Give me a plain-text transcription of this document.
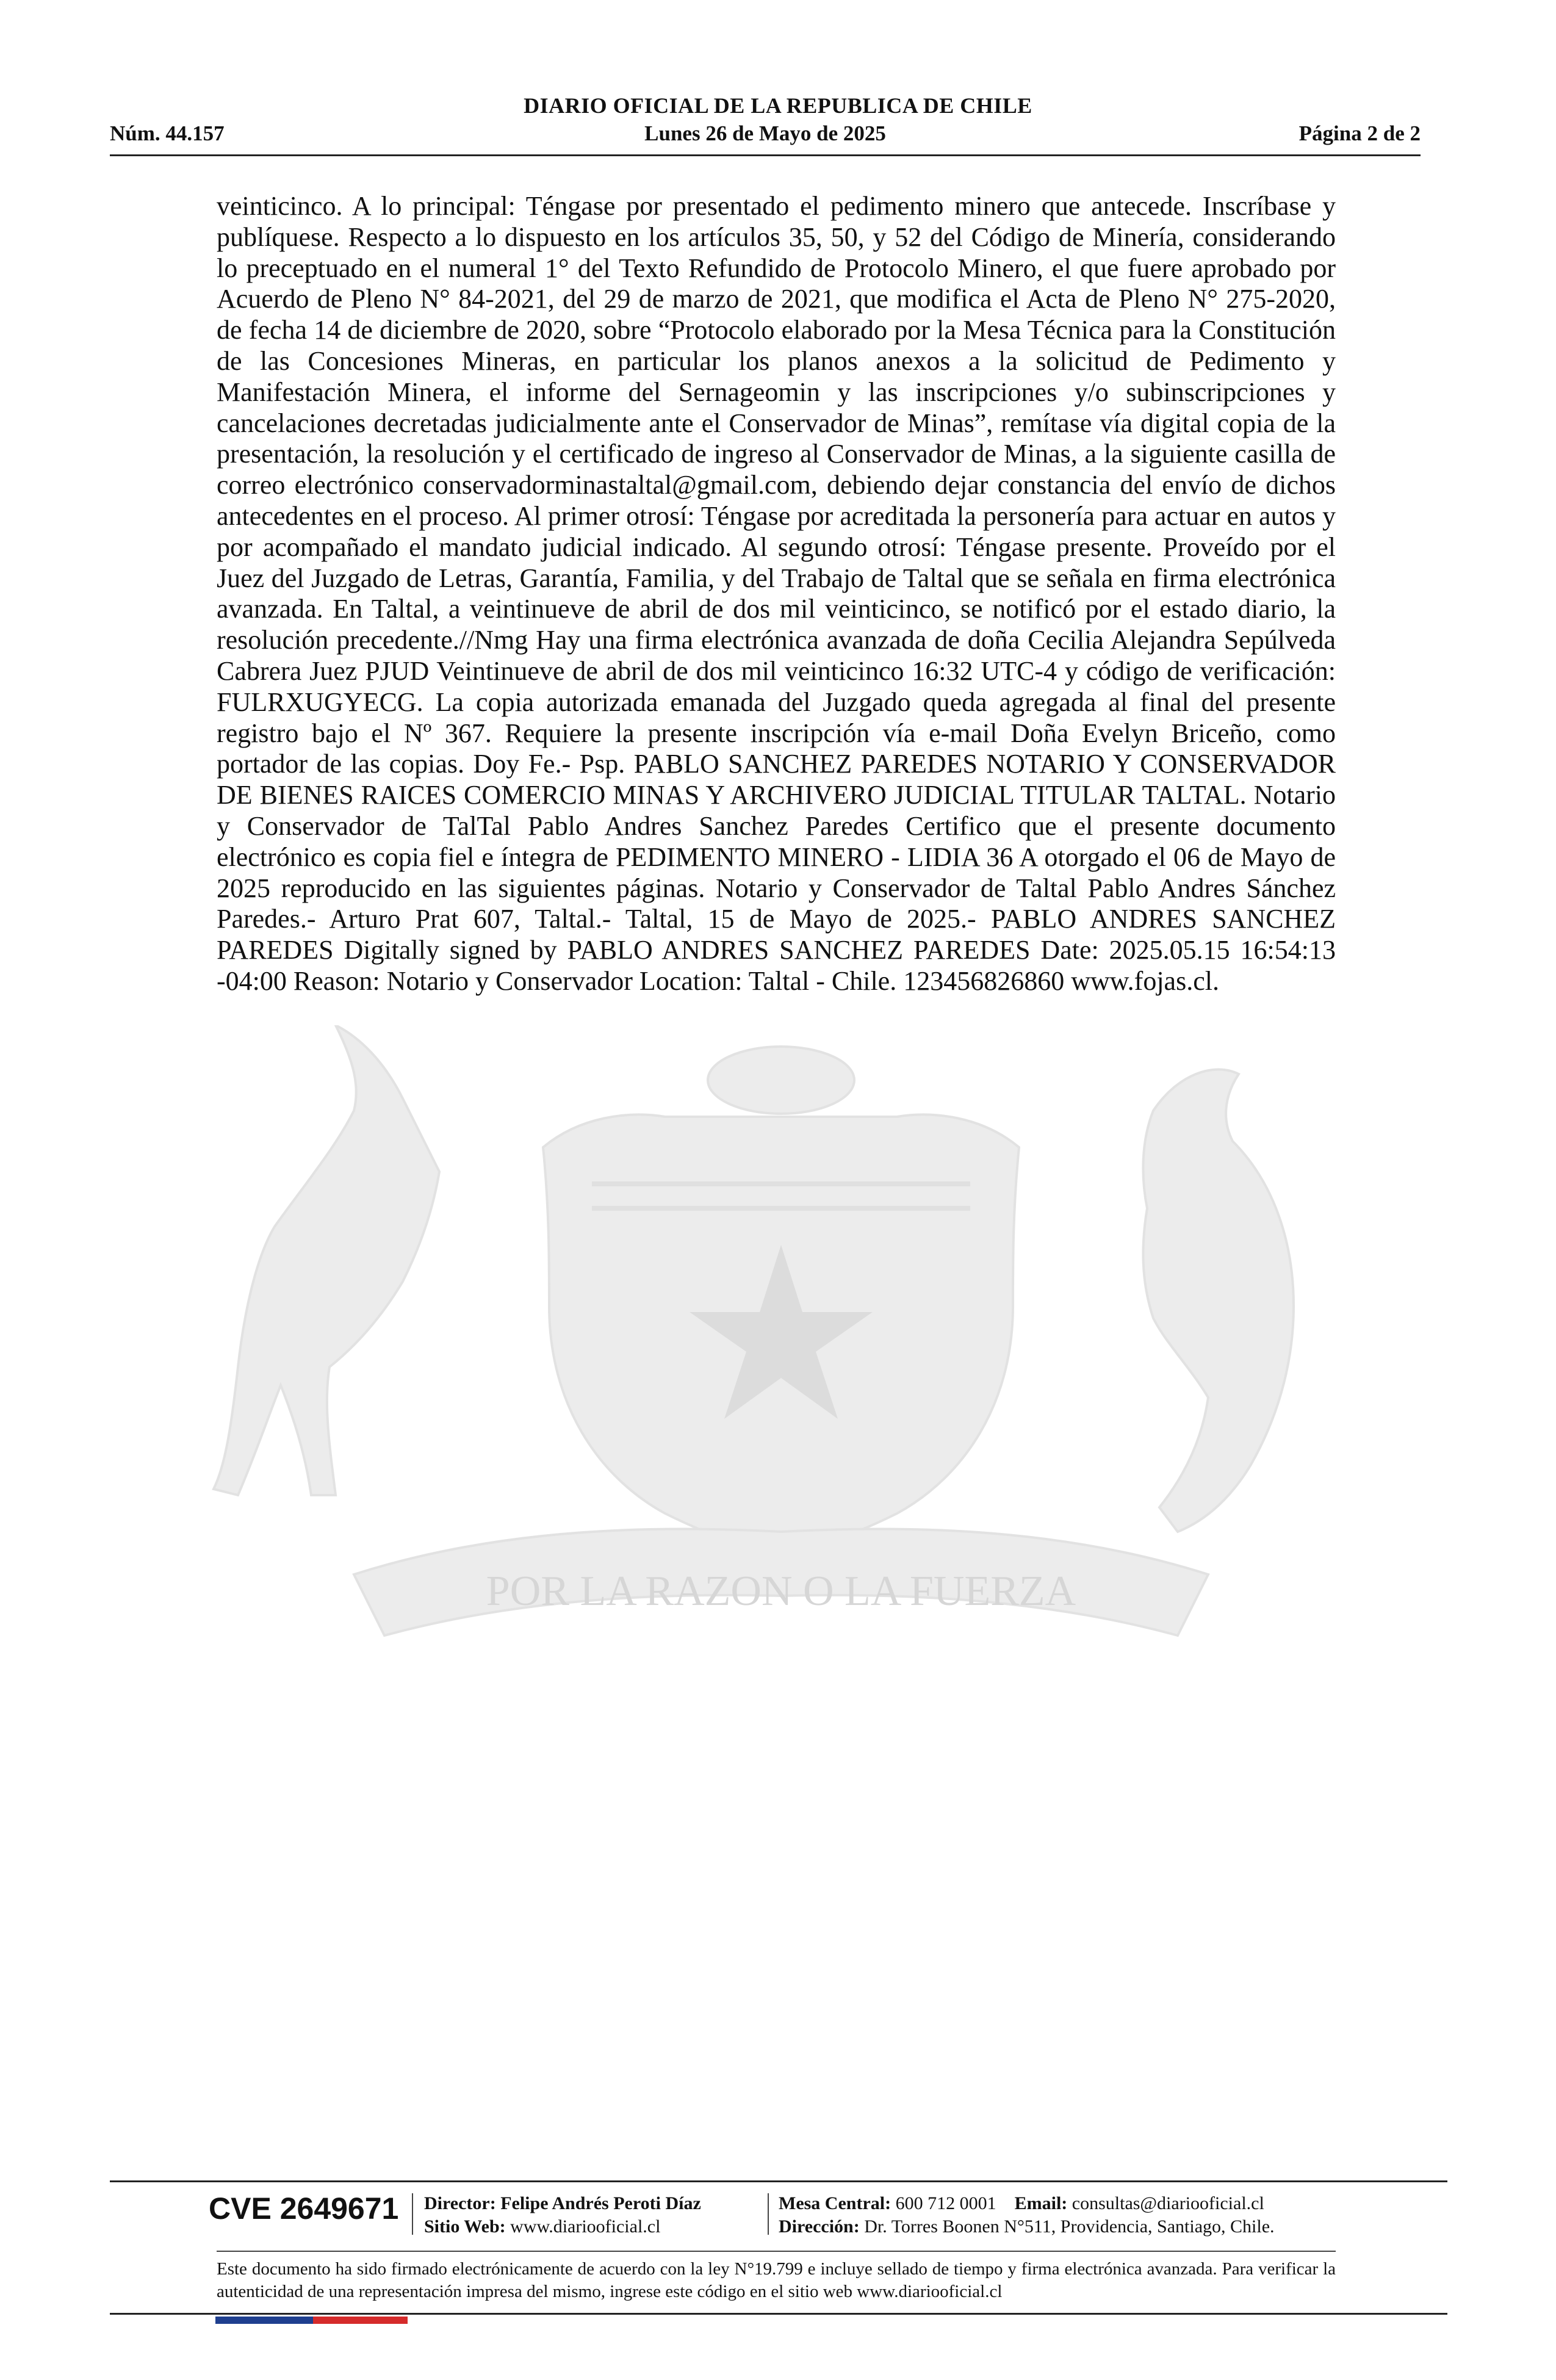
DIARIO OFICIAL DE LA REPUBLICA DE CHILE
Núm. 44.157	Lunes 26 de Mayo de 2025	Página 2 de 2
POR LA RAZON O LA FUERZA
veinticinco. A lo principal: Téngase por presentado el pedimento minero que antecede. Inscríbase y publíquese. Respecto a lo dispuesto en los artículos 35, 50, y 52 del Código de Minería, considerando lo preceptuado en el numeral 1° del Texto Refundido de Protocolo Minero, el que fuere aprobado por Acuerdo de Pleno N° 84-2021, del 29 de marzo de 2021, que modifica el Acta de Pleno N° 275-2020, de fecha 14 de diciembre de 2020, sobre “Protocolo elaborado por la Mesa Técnica para la Constitución de las Concesiones Mineras, en particular los planos anexos a la solicitud de Pedimento y Manifestación Minera, el informe del Sernageomin y las inscripciones y/o subinscripciones y cancelaciones decretadas judicialmente ante el Conservador de Minas”, remítase vía digital copia de la presentación, la resolución y el certificado de ingreso al Conservador de Minas, a la siguiente casilla de correo electrónico conservadorminastaltal@gmail.com, debiendo dejar constancia del envío de dichos antecedentes en el proceso. Al primer otrosí: Téngase por acreditada la personería para actuar en autos y por acompañado el mandato judicial indicado. Al segundo otrosí: Téngase presente. Proveído por el Juez del Juzgado de Letras, Garantía, Familia, y del Trabajo de Taltal que se señala en firma electrónica avanzada. En Taltal, a veintinueve de abril de dos mil veinticinco, se notificó por el estado diario, la resolución precedente.//Nmg Hay una firma electrónica avanzada de doña Cecilia Alejandra Sepúlveda Cabrera Juez PJUD Veintinueve de abril de dos mil veinticinco 16:32 UTC-4 y código de verificación: FULRXUGYECG. La copia autorizada emanada del Juzgado queda agregada al final del presente registro bajo el Nº 367. Requiere la presente inscripción vía e-mail Doña Evelyn Briceño, como portador de las copias. Doy Fe.- Psp. PABLO SANCHEZ PAREDES NOTARIO Y CONSERVADOR DE BIENES RAICES COMERCIO MINAS Y ARCHIVERO JUDICIAL TITULAR TALTAL. Notario y Conservador de TalTal Pablo Andres Sanchez Paredes Certifico que el presente documento electrónico es copia fiel e íntegra de PEDIMENTO MINERO - LIDIA 36 A otorgado el 06 de Mayo de 2025 reproducido en las siguientes páginas. Notario y Conservador de Taltal Pablo Andres Sánchez Paredes.- Arturo Prat 607, Taltal.- Taltal, 15 de Mayo de 2025.- PABLO ANDRES SANCHEZ PAREDES Digitally signed by PABLO ANDRES SANCHEZ PAREDES Date: 2025.05.15 16:54:13 -04:00 Reason: Notario y Conservador Location: Taltal - Chile. 123456826860 www.fojas.cl.
CVE 2649671 Director: Felipe Andrés Peroti Díaz
Sitio Web: www.diariooficial.cl
Mesa Central: 600 712 0001 Email: consultas@diariooficial.cl
Dirección: Dr. Torres Boonen N°511, Providencia, Santiago, Chile.
Este documento ha sido firmado electrónicamente de acuerdo con la ley N°19.799 e incluye sellado de tiempo y firma electrónica avanzada. Para verificar la autenticidad de una representación impresa del mismo, ingrese este código en el sitio web www.diariooficial.cl
